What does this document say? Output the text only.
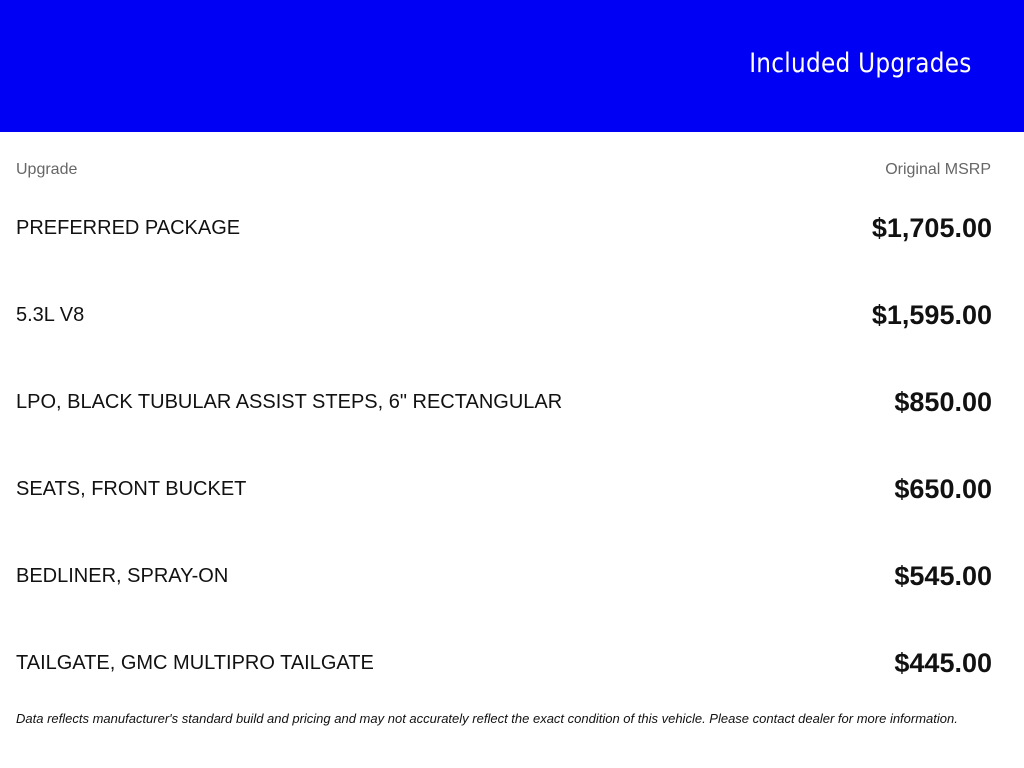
Included Upgrades
Upgrade	Original MSRP
PREFERRED PACKAGE	$1,705.00
5.3L V8	$1,595.00
LPO, BLACK TUBULAR ASSIST STEPS, 6" RECTANGULAR	$850.00
SEATS, FRONT BUCKET	$650.00
BEDLINER, SPRAY-ON	$545.00
TAILGATE, GMC MULTIPRO TAILGATE	$445.00
Data reflects manufacturer's standard build and pricing and may not accurately reflect the exact condition of this vehicle. Please contact dealer for more information.
